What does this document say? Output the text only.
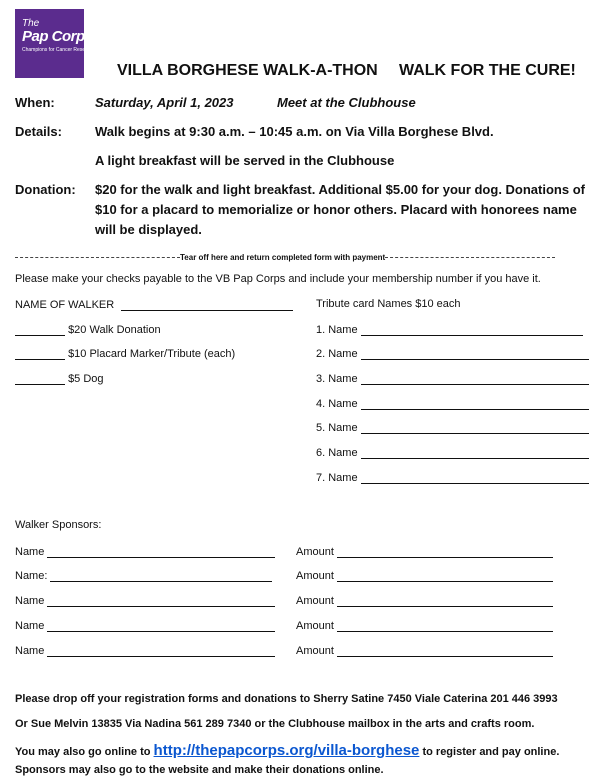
The
Pap Corps
Champions for Cancer Research
VILLA BORGHESE WALK-A-THON WALK FOR THE CURE!
When:	Saturday, April 1, 2023	Meet at the Clubhouse
Details:	Walk begins at 9:30 a.m. – 10:45 a.m. on Via Villa Borghese Blvd.
A light breakfast will be served in the Clubhouse
Donation: $20 for the walk and light breakfast. Additional $5.00 for your dog. Donations of
$10 for a placard to memorialize or honor others. Placard with honorees name
will be displayed.
Tear off here and return completed form with payment
Please make your checks payable to the VB Pap Corps and include your membership number if you have it.
NAME OF WALKER	Tribute card Names $10 each
$20 Walk Donation
$10 Placard Marker/Tribute (each)
$5 Dog
1. Name
2. Name
3. Name
4. Name
5. Name
6. Name
7. Name
Walker Sponsors:
Name	Amount
Name:	Amount
Name	Amount
Name	Amount
Name	Amount
Please drop off your registration forms and donations to Sherry Satine 7450 Viale Caterina 201 446 3993
Or Sue Melvin 13835 Via Nadina 561 289 7340 or the Clubhouse mailbox in the arts and crafts room.
You may also go online to http://thepapcorps.org/villa-borghese to register and pay online.
Sponsors may also go to the website and make their donations online.
